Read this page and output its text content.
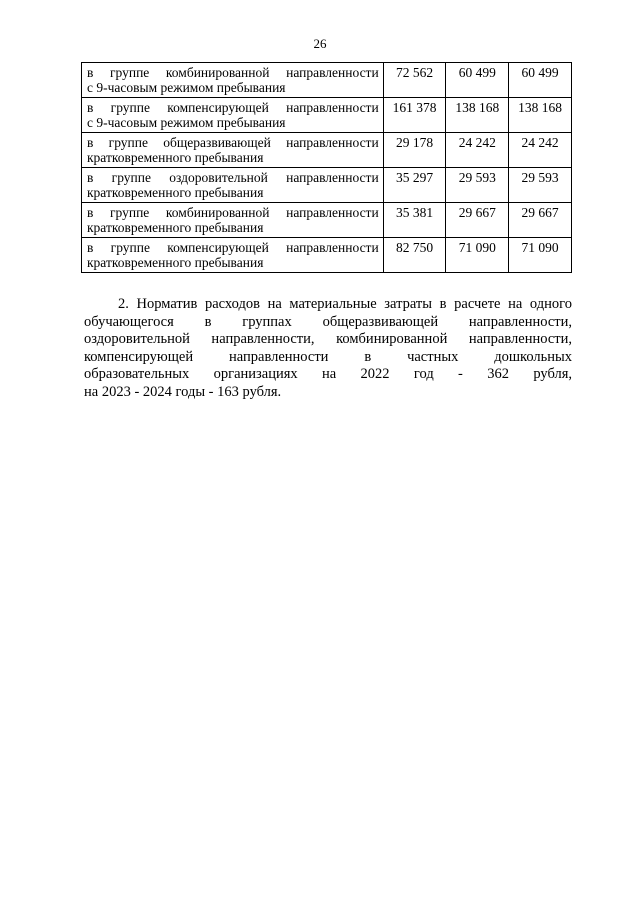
26
в группе комбинированной направленности
с 9-часовым режимом пребывания	72 562	60 499	60 499

в группе компенсирующей направленности
с 9-часовым режимом пребывания	161 378	138 168	138 168

в группе общеразвивающей направленности
кратковременного пребывания	29 178	24 242	24 242

в группе оздоровительной направленности
кратковременного пребывания	35 297	29 593	29 593

в группе комбинированной направленности
кратковременного пребывания	35 381	29 667	29 667

в группе компенсирующей направленности
кратковременного пребывания	82 750	71 090	71 090
2. Норматив расходов на материальные затраты в расчете на одного
обучающегося в группах общеразвивающей направленности,
оздоровительной направленности, комбинированной направленности,
компенсирующей направленности в частных дошкольных
образовательных организациях на 2022 год - 362 рубля,
на 2023 - 2024 годы - 163 рубля.
